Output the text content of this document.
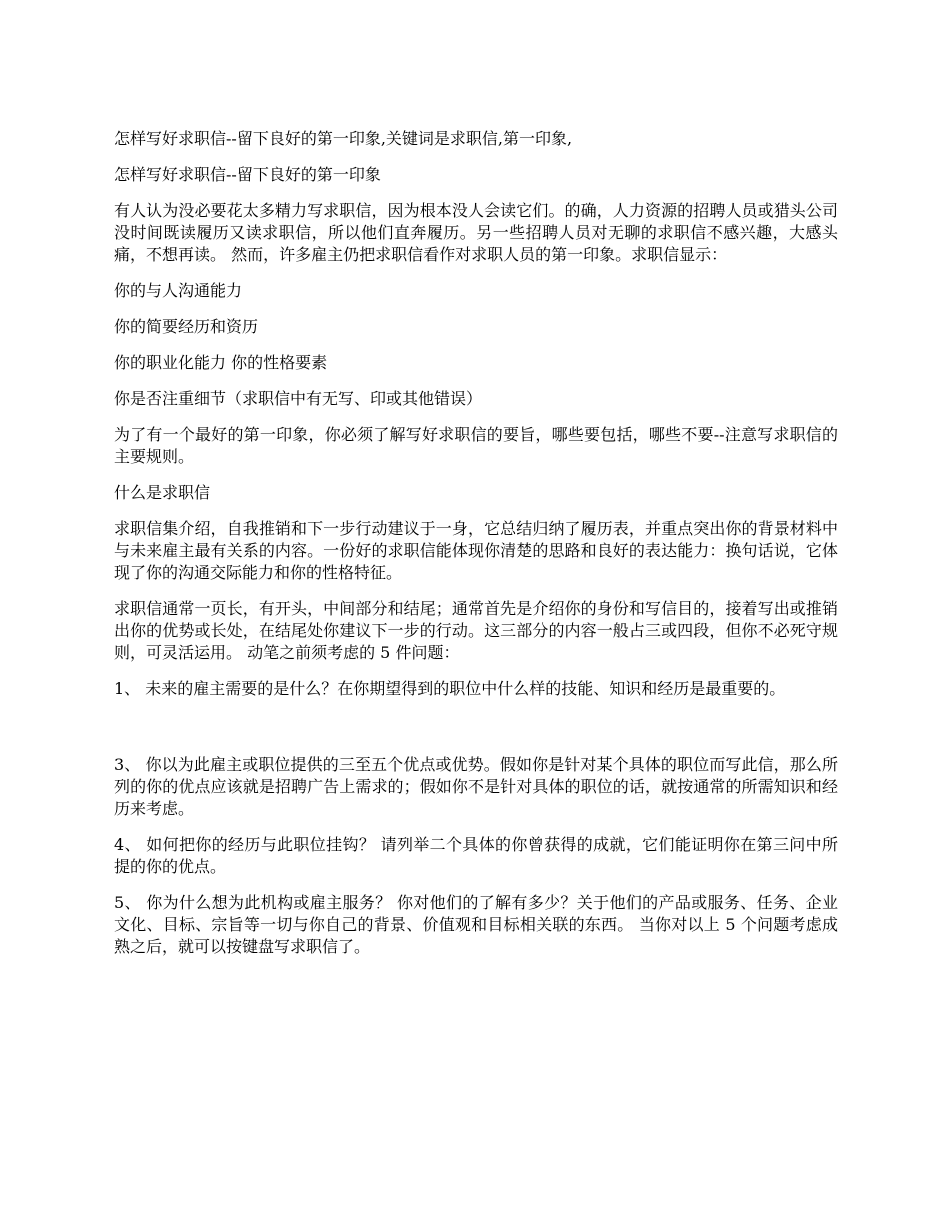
怎样写好求职信--留下良好的第一印象,关键词是求职信,第一印象,

怎样写好求职信--留下良好的第一印象

有人认为没必要花太多精力写求职信，因为根本没人会读它们。的确，人力资源的招聘人员或猎头公司没时间既读履历又读求职信，所以他们直奔履历。另一些招聘人员对无聊的求职信不感兴趣，大感头痛，不想再读。 然而，许多雇主仍把求职信看作对求职人员的第一印象。求职信显示：

你的与人沟通能力

你的简要经历和资历

你的职业化能力 你的性格要素

你是否注重细节（求职信中有无写、印或其他错误）

为了有一个最好的第一印象，你必须了解写好求职信的要旨，哪些要包括，哪些不要--注意写求职信的主要规则。

什么是求职信

求职信集介绍，自我推销和下一步行动建议于一身，它总结归纳了履历表，并重点突出你的背景材料中与未来雇主最有关系的内容。一份好的求职信能体现你清楚的思路和良好的表达能力：换句话说，它体现了你的沟通交际能力和你的性格特征。

求职信通常一页长，有开头，中间部分和结尾；通常首先是介绍你的身份和写信目的，接着写出或推销出你的优势或长处，在结尾处你建议下一步的行动。这三部分的内容一般占三或四段，但你不必死守规则，可灵活运用。 动笔之前须考虑的 5 件问题：

1、 未来的雇主需要的是什么？在你期望得到的职位中什么样的技能、知识和经历是最重要的。

3、 你以为此雇主或职位提供的三至五个优点或优势。假如你是针对某个具体的职位而写此信，那么所列的你的优点应该就是招聘广告上需求的；假如你不是针对具体的职位的话，就按通常的所需知识和经历来考虑。

4、 如何把你的经历与此职位挂钩？ 请列举二个具体的你曾获得的成就，它们能证明你在第三问中所提的你的优点。

5、 你为什么想为此机构或雇主服务？ 你对他们的了解有多少？关于他们的产品或服务、任务、企业文化、目标、宗旨等一切与你自己的背景、价值观和目标相关联的东西。 当你对以上 5 个问题考虑成熟之后，就可以按键盘写求职信了。
